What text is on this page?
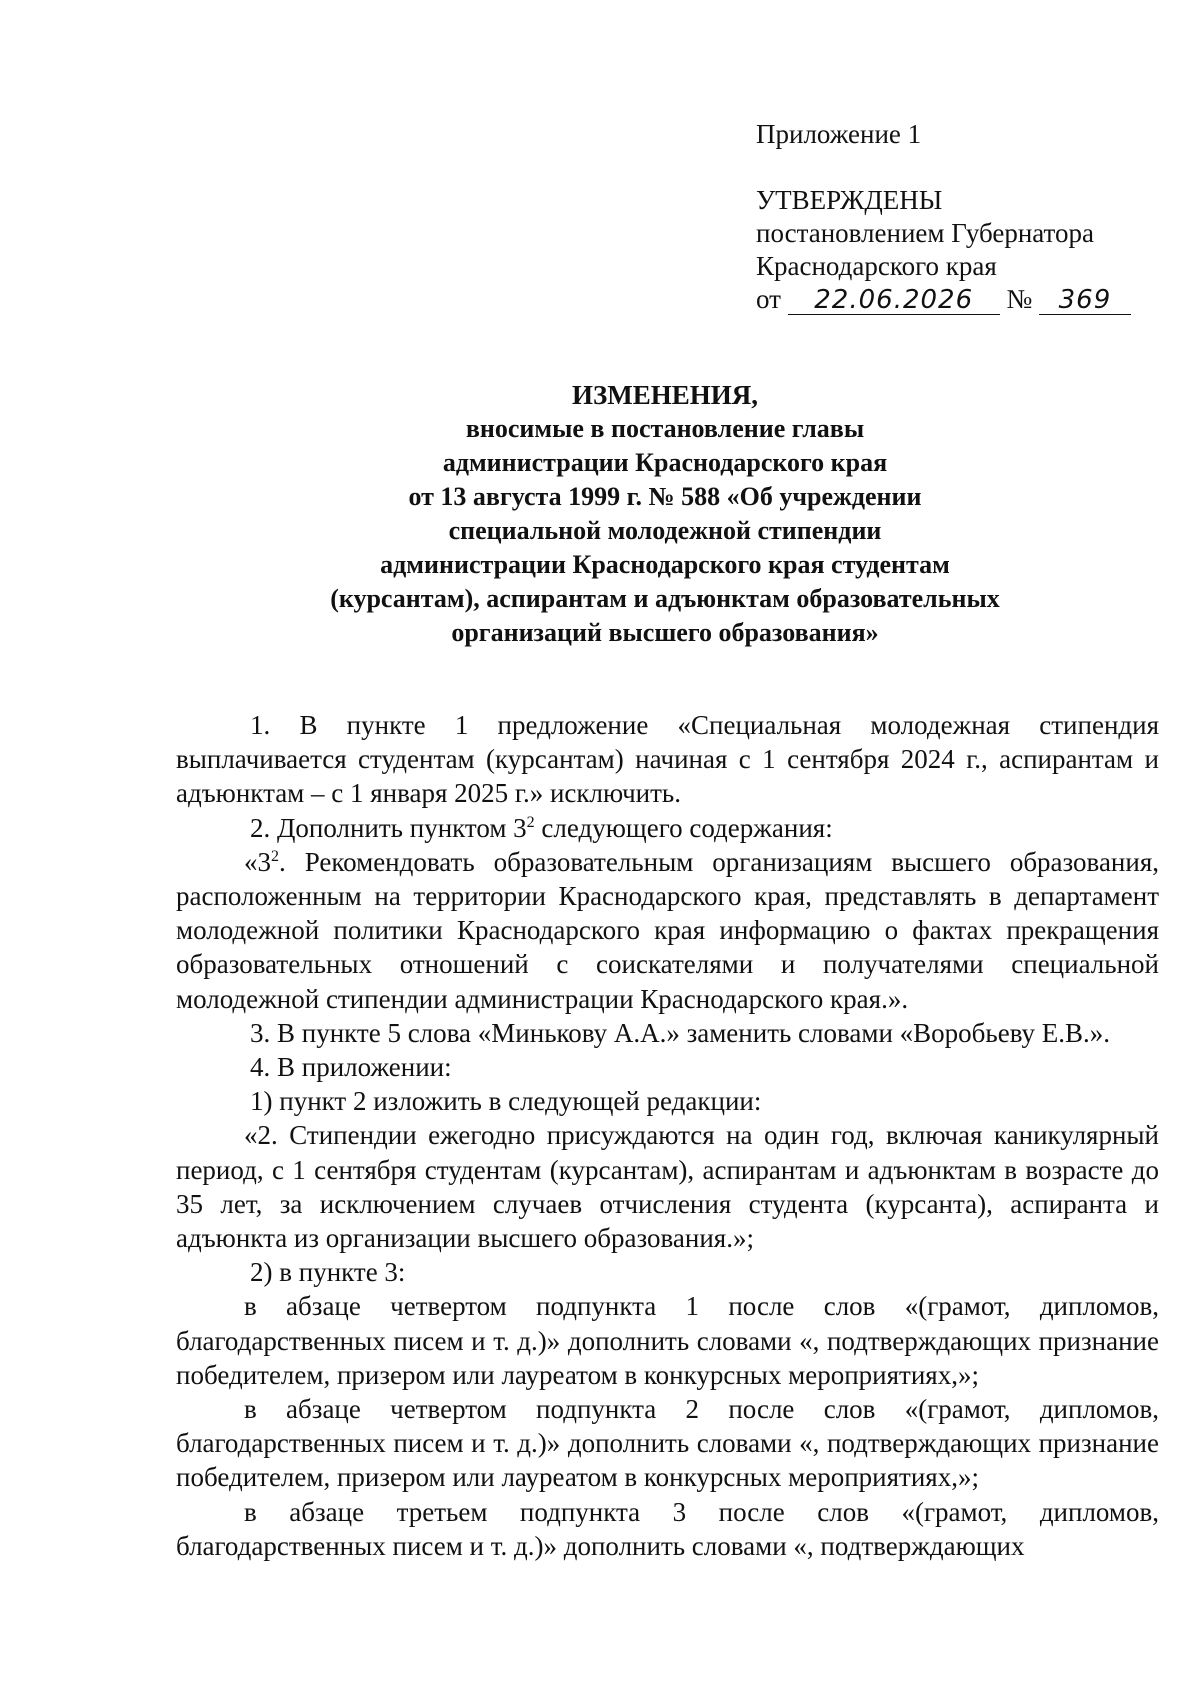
Приложение 1
УТВЕРЖДЕНЫ
постановлением Губернатора
Краснодарского края
от 22.06.2026 № 369
ИЗМЕНЕНИЯ,
вносимые в постановление главы
администрации Краснодарского края
от 13 августа 1999 г. № 588 «Об учреждении
специальной молодежной стипендии
администрации Краснодарского края студентам
(курсантам), аспирантам и адъюнктам образовательных
организаций высшего образования»

1. В пункте 1 предложение «Специальная молодежная стипендия выплачивается студентам (курсантам) начиная с 1 сентября 2024 г., аспирантам и адъюнктам – с 1 января 2025 г.» исключить.

2. Дополнить пунктом $3^2$ следующего содержания:

«$3^2$. Рекомендовать образовательным организациям высшего образования, расположенным на территории Краснодарского края, представлять в департамент молодежной политики Краснодарского края информацию о фактах прекращения образовательных отношений с соискателями и получателями специальной молодежной стипендии администрации Краснодарского края.».

3. В пункте 5 слова «Минькову А.А.» заменить словами «Воробьеву Е.В.».

4. В приложении:

1) пункт 2 изложить в следующей редакции:

«2. Стипендии ежегодно присуждаются на один год, включая каникулярный период, с 1 сентября студентам (курсантам), аспирантам и адъюнктам в возрасте до 35 лет, за исключением случаев отчисления студента (курсанта), аспиранта и адъюнкта из организации высшего образования.»;

2) в пункте 3:

в абзаце четвертом подпункта 1 после слов «(грамот, дипломов, благодарственных писем и т. д.)» дополнить словами «, подтверждающих признание победителем, призером или лауреатом в конкурсных мероприятиях,»;

в абзаце четвертом подпункта 2 после слов «(грамот, дипломов, благодарственных писем и т. д.)» дополнить словами «, подтверждающих признание победителем, призером или лауреатом в конкурсных мероприятиях,»;

в абзаце третьем подпункта 3 после слов «(грамот, дипломов, благодарственных писем и т. д.)» дополнить словами «, подтверждающих
